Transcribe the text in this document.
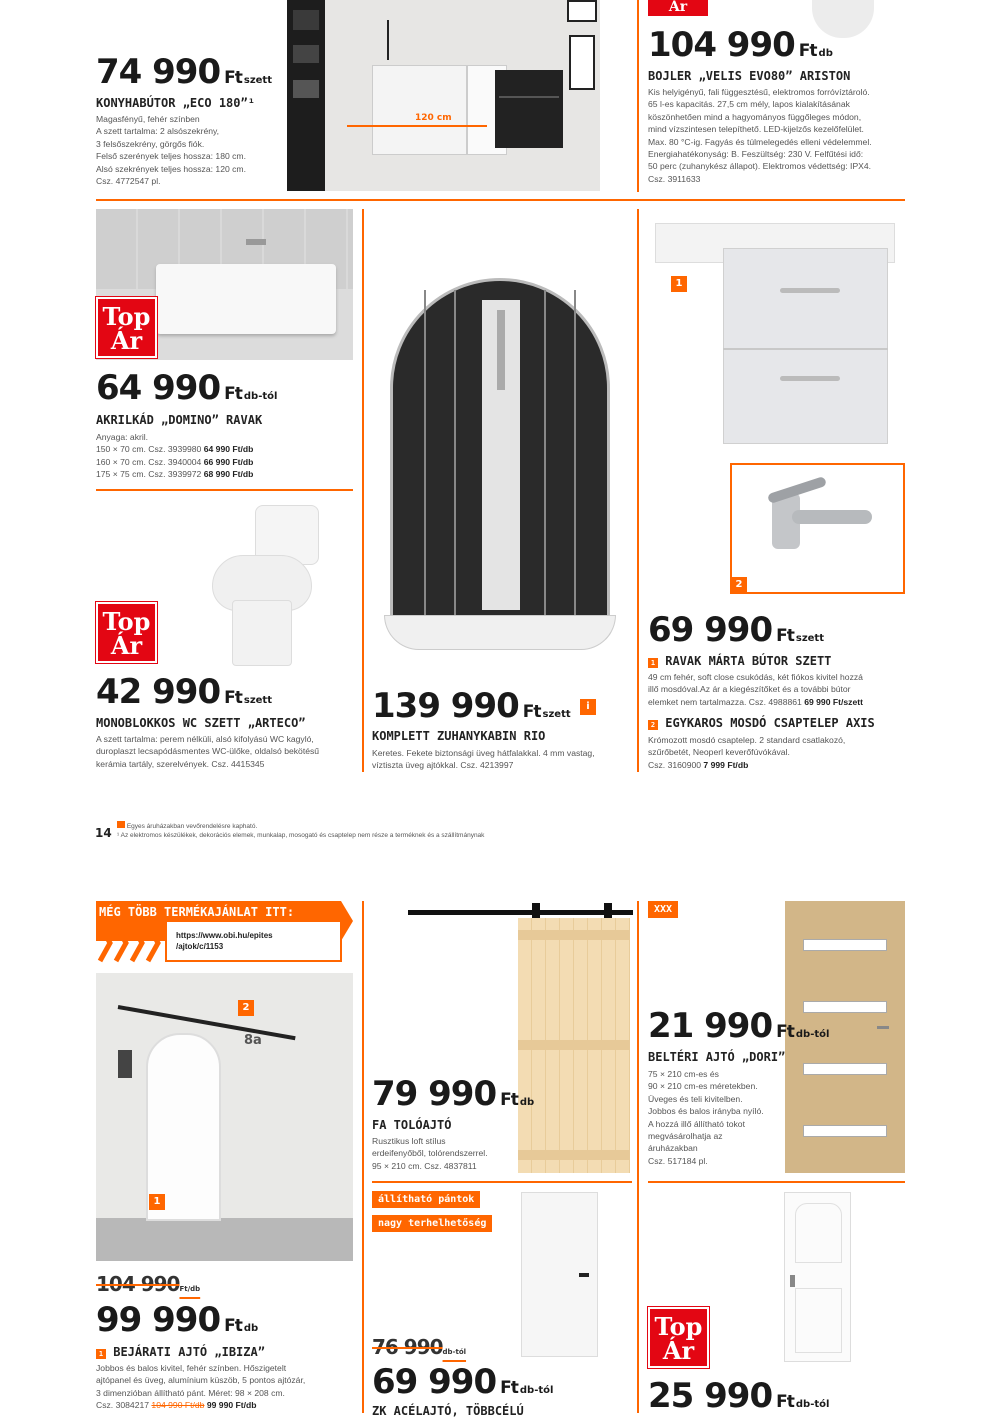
74 990 Ft szett
KONYHABÚTOR „ECO 180”¹
Magasfényű, fehér színben
A szett tartalma: 2 alsószekrény,
3 felsőszekrény, görgős fiók.
Felső szerények teljes hossza: 180 cm.
Alsó szekrények teljes hossza: 120 cm.
Csz. 4772547 pl.
120 cm
Ár
104 990 Ft db
BOJLER „VELIS EVO80” ARISTON
Kis helyigényű, fali függesztésű, elektromos forróvíztároló.
65 l-es kapacitás. 27,5 cm mély, lapos kialakításának
köszönhetően mind a hagyományos függőleges módon,
mind vízszintesen telepíthető. LED-kijelzős kezelőfelület.
Max. 80 °C-ig. Fagyás és túlmelegedés elleni védelemmel.
Energiahatékonyság: B. Feszültség: 230 V. Felfűtési idő:
50 perc (zuhanykész állapot). Elektromos védettség: IPX4.
Csz. 3911633
Top
Ár
64 990 Ft db-tól
AKRILKÁD „DOMINO” RAVAK
Anyaga: akril.
150 × 70 cm. Csz. 3939980 64 990 Ft/db
160 × 70 cm. Csz. 3940004 66 990 Ft/db
175 × 75 cm. Csz. 3939972 68 990 Ft/db
Top
Ár
42 990 Ft szett
MONOBLOKKOS WC SZETT „ARTECO”
A szett tartalma: perem nélküli, alsó kifolyású WC kagyló,
duroplaszt lecsapódásmentes WC-ülőke, oldalsó bekötésű
kerámia tartály, szerelvények. Csz. 4415345
139 990 Ft szett
i
KOMPLETT ZUHANYKABIN RIO
Keretes. Fekete biztonsági üveg hátfalakkal. 4 mm vastag,
víztiszta üveg ajtókkal. Csz. 4213997
1
2
69 990 Ft szett
1 RAVAK MÁRTA BÚTOR SZETT
49 cm fehér, soft close csukódás, két fiókos kivitel hozzá
illő mosdóval.Az ár a kiegészítőket és a további bútor
elemket nem tartalmazza. Csz. 4988861 69 990 Ft/szett
2 EGYKAROS MOSDÓ CSAPTELEP AXIS
Krómozott mosdó csaptelep. 2 standard csatlakozó,
szűrőbetét, Neoperl keverőfúvókával.
Csz. 3160900 7 999 Ft/db
14	Egyes áruházakban vevőrendelésre kapható.
¹ Az elektromos készülékek, dekorációs elemek, munkalap, mosogató és csaptelep nem része a terméknek és a szállítmánynak
MÉG TÖBB TERMÉKAJÁNLAT ITT:
https://www.obi.hu/epites
/ajtok/c/1153
8a
2
1
104 990Ft/db
99 990 Ft db
1 BEJÁRATI AJTÓ „IBIZA”
Jobbos és balos kivitel, fehér színben. Hőszigetelt
ajtópanel és üveg, alumínium küszöb, 5 pontos ajtózár,
3 dimenzióban állítható pánt. Méret: 98 × 208 cm.
Csz. 3084217 104 990 Ft/db 99 990 Ft/db
79 990 Ft db
FA TOLÓAJTÓ
Rusztikus loft stílus
erdeifenyőből, tolórendszerrel.
95 × 210 cm. Csz. 4837811
állítható pántok
nagy terhelhetőség
76 990db-tól
69 990 Ft db-tól
ZK ACÉLAJTÓ, TÖBBCÉLÚ
XXX
21 990 Ft db-tól
BELTÉRI AJTÓ „DORI”
75 × 210 cm-es és
90 × 210 cm-es méretekben.
Üveges és teli kivitelben.
Jobbos és balos irányba nyíló.
A hozzá illő állítható tokot
megvásárolhatja az
áruházakban
Csz. 517184 pl.
Top
Ár
25 990 Ft db-tól
